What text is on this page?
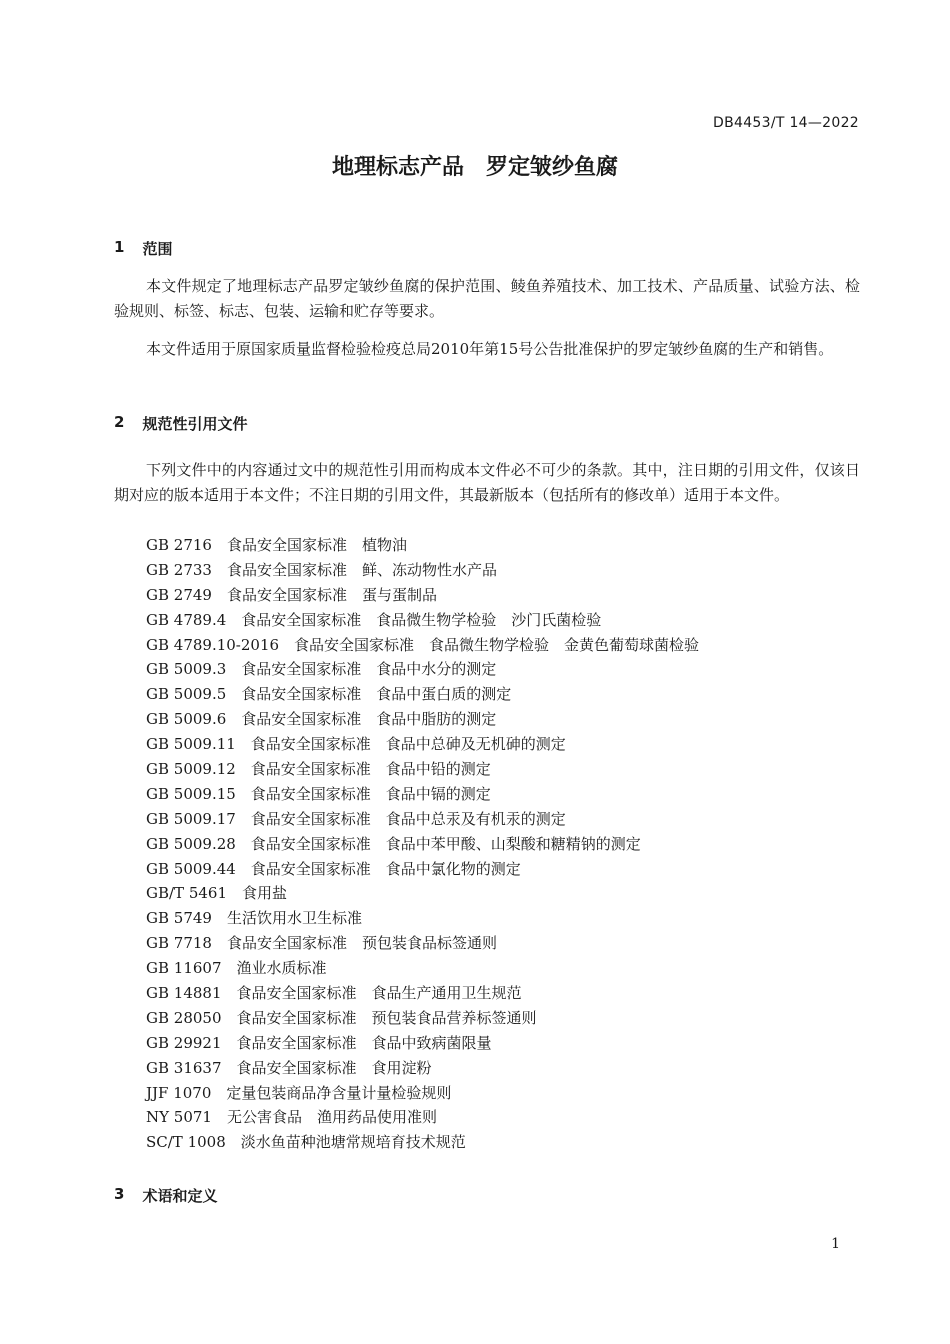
DB4453/T 14—2022
地理标志产品　罗定皱纱鱼腐
1 范围

本文件规定了地理标志产品罗定皱纱鱼腐的保护范围、鲮鱼养殖技术、加工技术、产品质量、试验方法、检验规则、标签、标志、包装、运输和贮存等要求。

本文件适用于原国家质量监督检验检疫总局2010年第15号公告批准保护的罗定皱纱鱼腐的生产和销售。

2 规范性引用文件

下列文件中的内容通过文中的规范性引用而构成本文件必不可少的条款。其中，注日期的引用文件，仅该日期对应的版本适用于本文件；不注日期的引用文件，其最新版本（包括所有的修改单）适用于本文件。

GB 2716　食品安全国家标准　植物油
GB 2733　食品安全国家标准　鲜、冻动物性水产品
GB 2749　食品安全国家标准　蛋与蛋制品
GB 4789.4　食品安全国家标准　食品微生物学检验　沙门氏菌检验
GB 4789.10-2016　食品安全国家标准　食品微生物学检验　金黄色葡萄球菌检验
GB 5009.3　食品安全国家标准　食品中水分的测定
GB 5009.5　食品安全国家标准　食品中蛋白质的测定
GB 5009.6　食品安全国家标准　食品中脂肪的测定
GB 5009.11　食品安全国家标准　食品中总砷及无机砷的测定
GB 5009.12　食品安全国家标准　食品中铅的测定
GB 5009.15　食品安全国家标准　食品中镉的测定
GB 5009.17　食品安全国家标准　食品中总汞及有机汞的测定
GB 5009.28　食品安全国家标准　食品中苯甲酸、山梨酸和糖精钠的测定
GB 5009.44　食品安全国家标准　食品中氯化物的测定
GB/T 5461　食用盐
GB 5749　生活饮用水卫生标准
GB 7718　食品安全国家标准　预包装食品标签通则
GB 11607　渔业水质标准
GB 14881　食品安全国家标准　食品生产通用卫生规范
GB 28050　食品安全国家标准　预包装食品营养标签通则
GB 29921　食品安全国家标准　食品中致病菌限量
GB 31637　食品安全国家标准　食用淀粉
JJF 1070　定量包装商品净含量计量检验规则
NY 5071　无公害食品　渔用药品使用准则
SC/T 1008　淡水鱼苗种池塘常规培育技术规范
3 术语和定义
1
